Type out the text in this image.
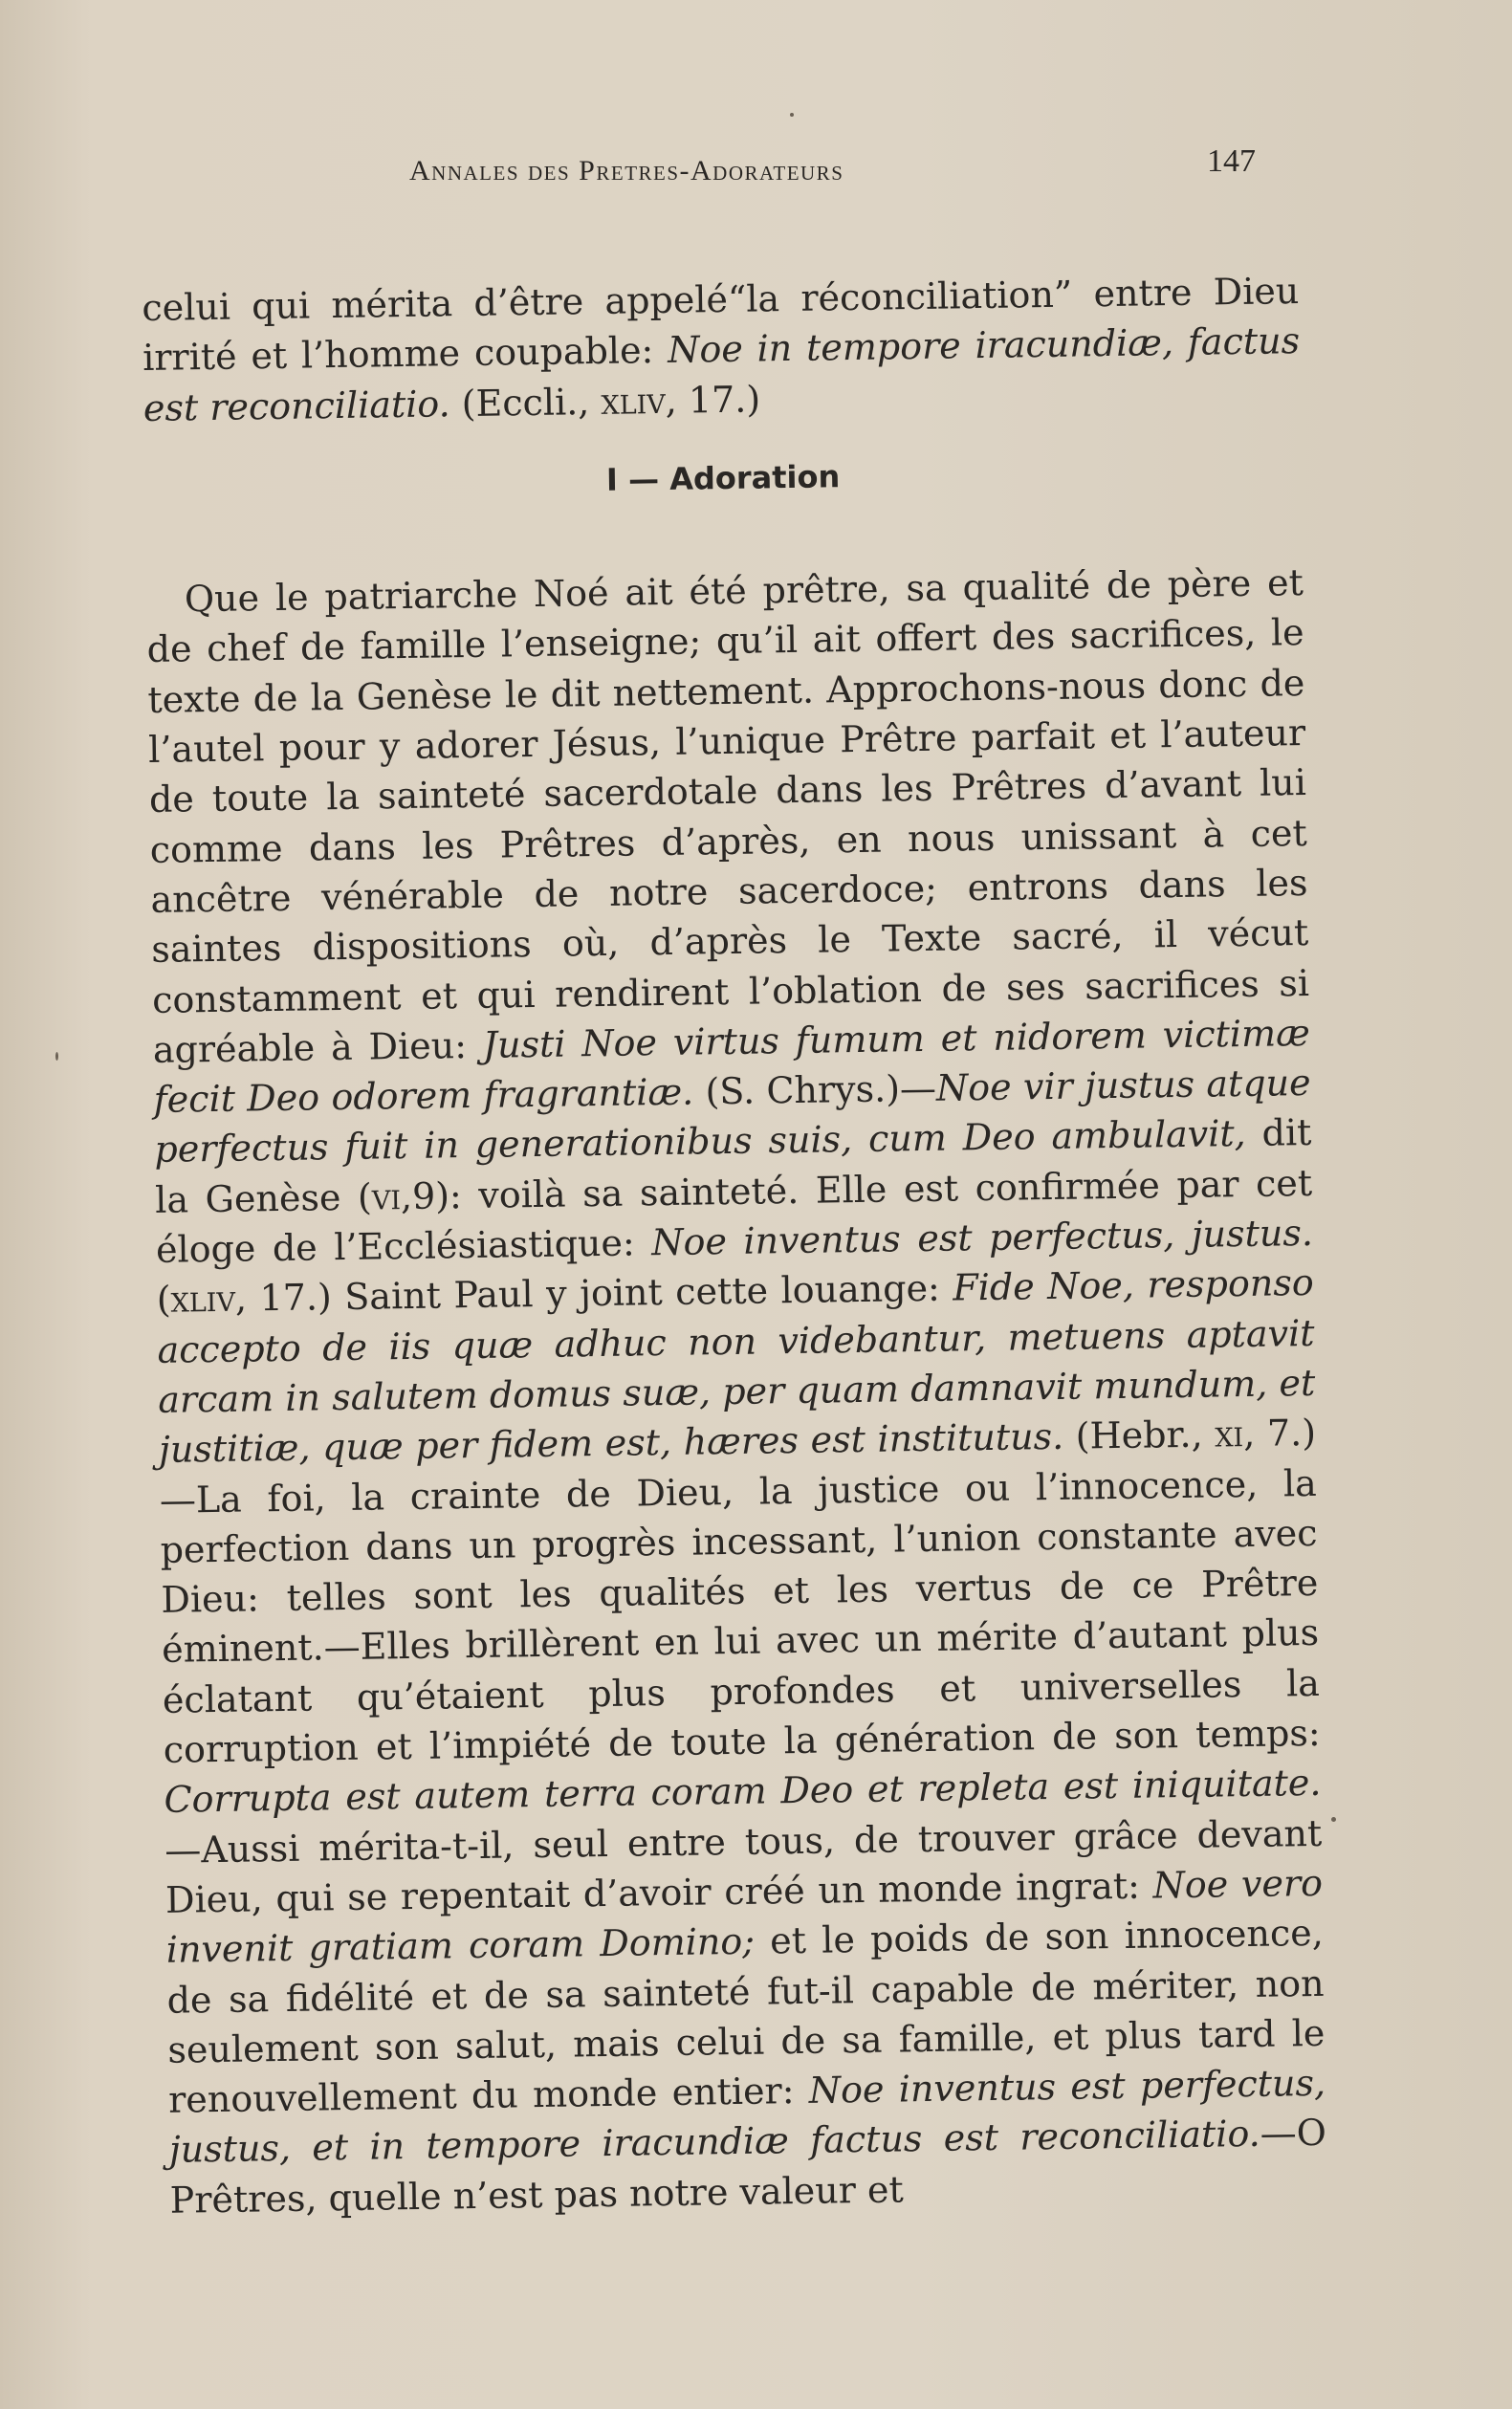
Annales des Pretres-Adorateurs	147

celui qui mérita d’être appelé“la réconciliation” entre Dieu irrité et l’homme coupable: Noe in tempore iracundiæ, factus est reconciliatio. (Eccli., xliv, 17.)

I — Adoration

Que le patriarche Noé ait été prêtre, sa qualité de père et de chef de famille l’enseigne; qu’il ait offert des sacrifices, le texte de la Genèse le dit nettement. Approchons-nous donc de l’autel pour y adorer Jésus, l’unique Prêtre parfait et l’auteur de toute la sainteté sacerdotale dans les Prêtres d’avant lui comme dans les Prêtres d’après, en nous unissant à cet ancêtre vénérable de notre sacerdoce; entrons dans les saintes dispositions où, d’après le Texte sacré, il vécut constamment et qui rendirent l’oblation de ses sacrifices si agréable à Dieu: Justi Noe virtus fumum et nidorem victimæ fecit Deo odorem fragrantiæ. (S. Chrys.)—Noe vir justus atque perfectus fuit in generationibus suis, cum Deo ambulavit, dit la Genèse (vi,9): voilà sa sainteté. Elle est confirmée par cet éloge de l’Ecclésiastique: Noe inventus est perfectus, justus. (xliv, 17.) Saint Paul y joint cette louange: Fide Noe, responso accepto de iis quæ adhuc non videbantur, metuens aptavit arcam in salutem domus suæ, per quam damnavit mundum, et justitiæ, quæ per fidem est, hæres est institutus. (Hebr., xi, 7.)—La foi, la crainte de Dieu, la justice ou l’innocence, la perfection dans un progrès incessant, l’union constante avec Dieu: telles sont les qualités et les vertus de ce Prêtre éminent.—Elles brillèrent en lui avec un mérite d’autant plus éclatant qu’étaient plus profondes et universelles la corruption et l’impiété de toute la génération de son temps: Corrupta est autem terra coram Deo et repleta est iniquitate.—Aussi mérita-t-il, seul entre tous, de trouver grâce devant Dieu, qui se repentait d’avoir créé un monde ingrat: Noe vero invenit gratiam coram Domino; et le poids de son innocence, de sa fidélité et de sa sainteté fut-il capable de mériter, non seulement son salut, mais celui de sa famille, et plus tard le renouvellement du monde entier: Noe inventus est perfectus, justus, et in tempore iracundiæ factus est reconciliatio.—O Prêtres, quelle n’est pas notre valeur et
